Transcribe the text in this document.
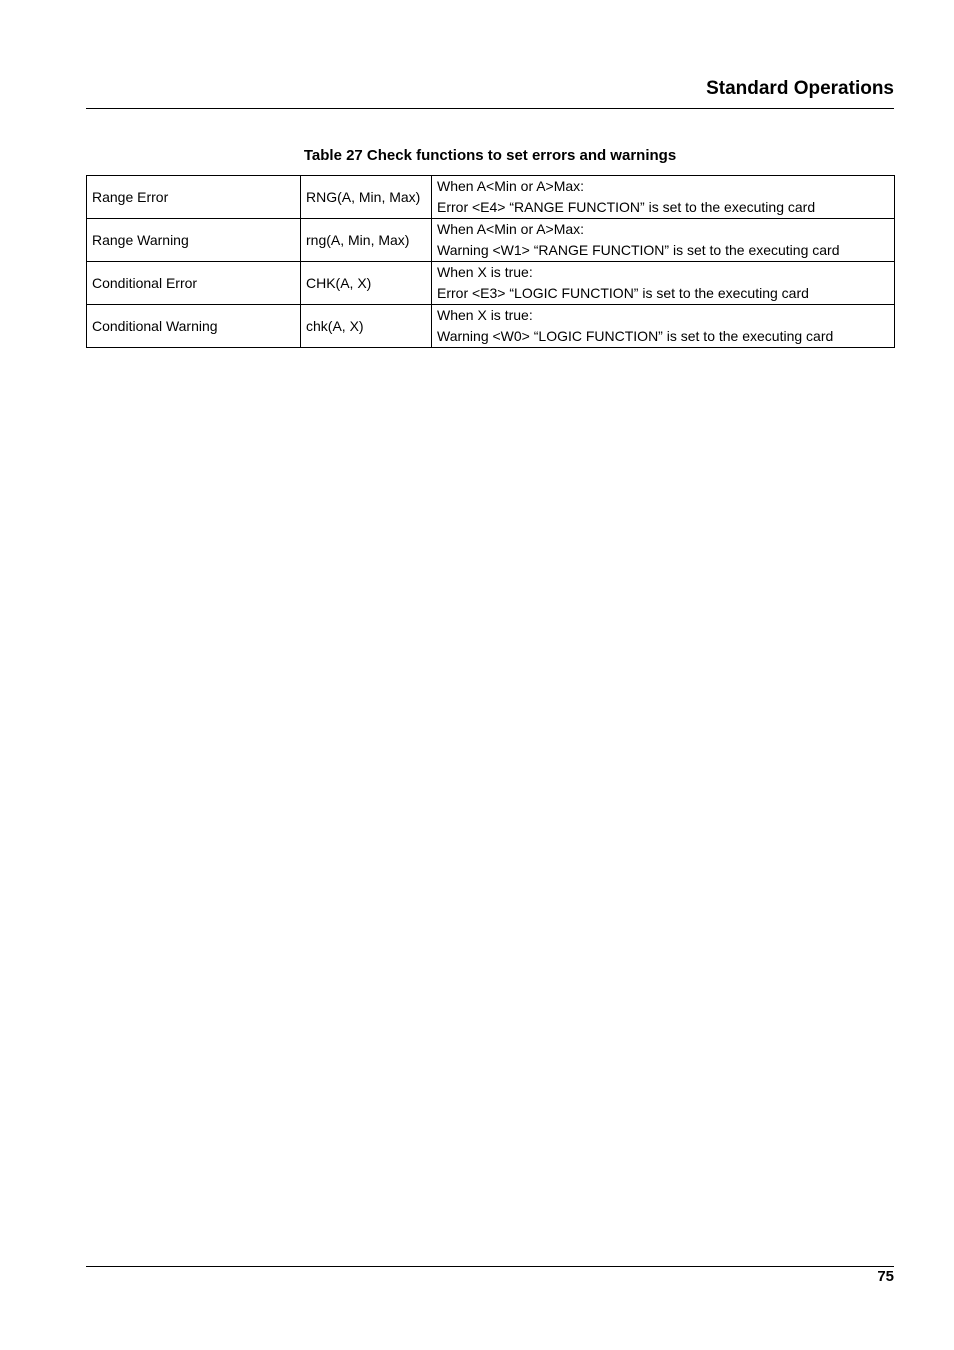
Standard Operations
Table 27 Check functions to set errors and warnings
Range Error	RNG(A, Min, Max)	When A<Min or A>Max:
Error <E4> “RANGE FUNCTION” is set to the executing card

Range Warning	rng(A, Min, Max)	When A<Min or A>Max:
Warning <W1> “RANGE FUNCTION” is set to the executing card

Conditional Error	CHK(A, X)	When X is true:
Error <E3> “LOGIC FUNCTION” is set to the executing card

Conditional Warning	chk(A, X)	When X is true:
Warning <W0> “LOGIC FUNCTION” is set to the executing card
75
